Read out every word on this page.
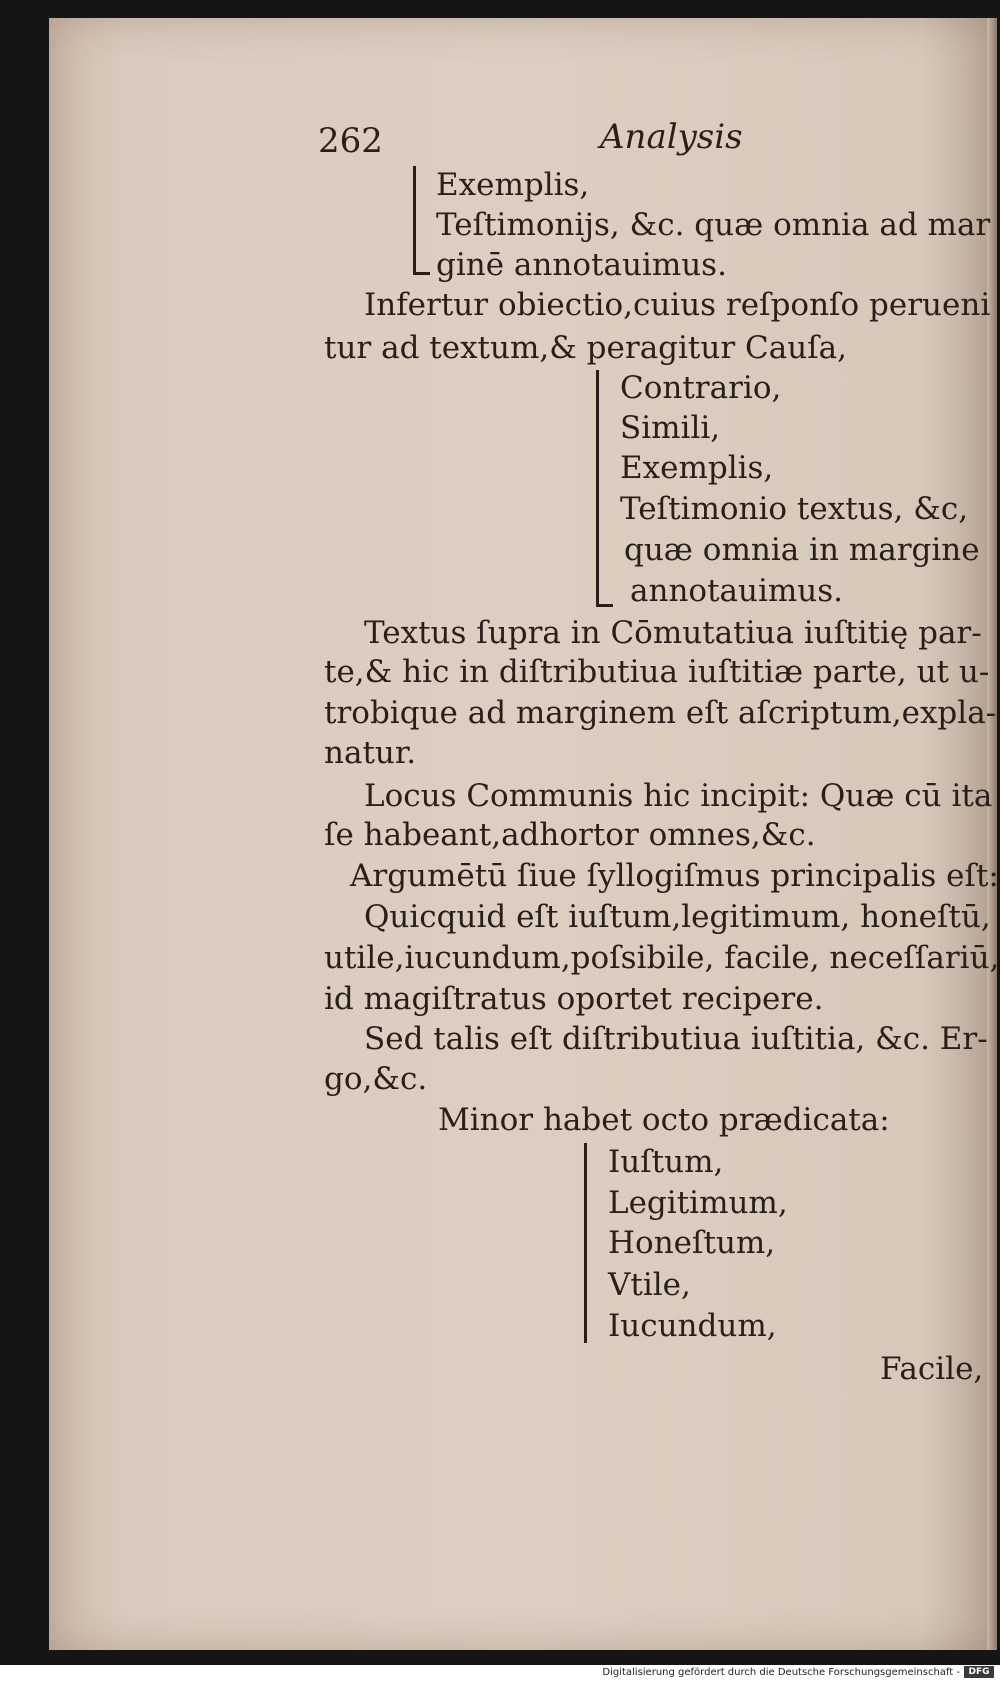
262	Analysis
Exemplis,
Teſtimonijs, &c. quæ omnia ad mar
ginē annotauimus.
Infertur obiectio,cuius reſponſo perueni
tur ad textum,& peragitur Cauſa,
Contrario,
Simili,
Exemplis,
Teſtimonio textus, &c,
quæ omnia in margine
annotauimus.
Textus ſupra in Cōmutatiua iuſtitię par-
te,& hic in diſtributiua iuſtitiæ parte, ut u-
trobique ad marginem eſt aſcriptum,expla-
natur.
Locus Communis hic incipit: Quæ cū ita
ſe habeant,adhortor omnes,&c.
Argumētū ſiue ſyllogiſmus principalis eſt:
Quicquid eſt iuſtum,legitimum, honeſtū,
utile,iucundum,poſsibile, facile, neceſſariū,
id magiſtratus oportet recipere.
Sed talis eſt diſtributiua iuſtitia, &c. Er-
go,&c.
Minor habet octo prædicata:
Iuſtum,
Legitimum,
Honeſtum,
Vtile,
Iucundum,
Facile,
Digitalisierung gefördert durch die Deutsche Forschungsgemeinschaft - DFG
